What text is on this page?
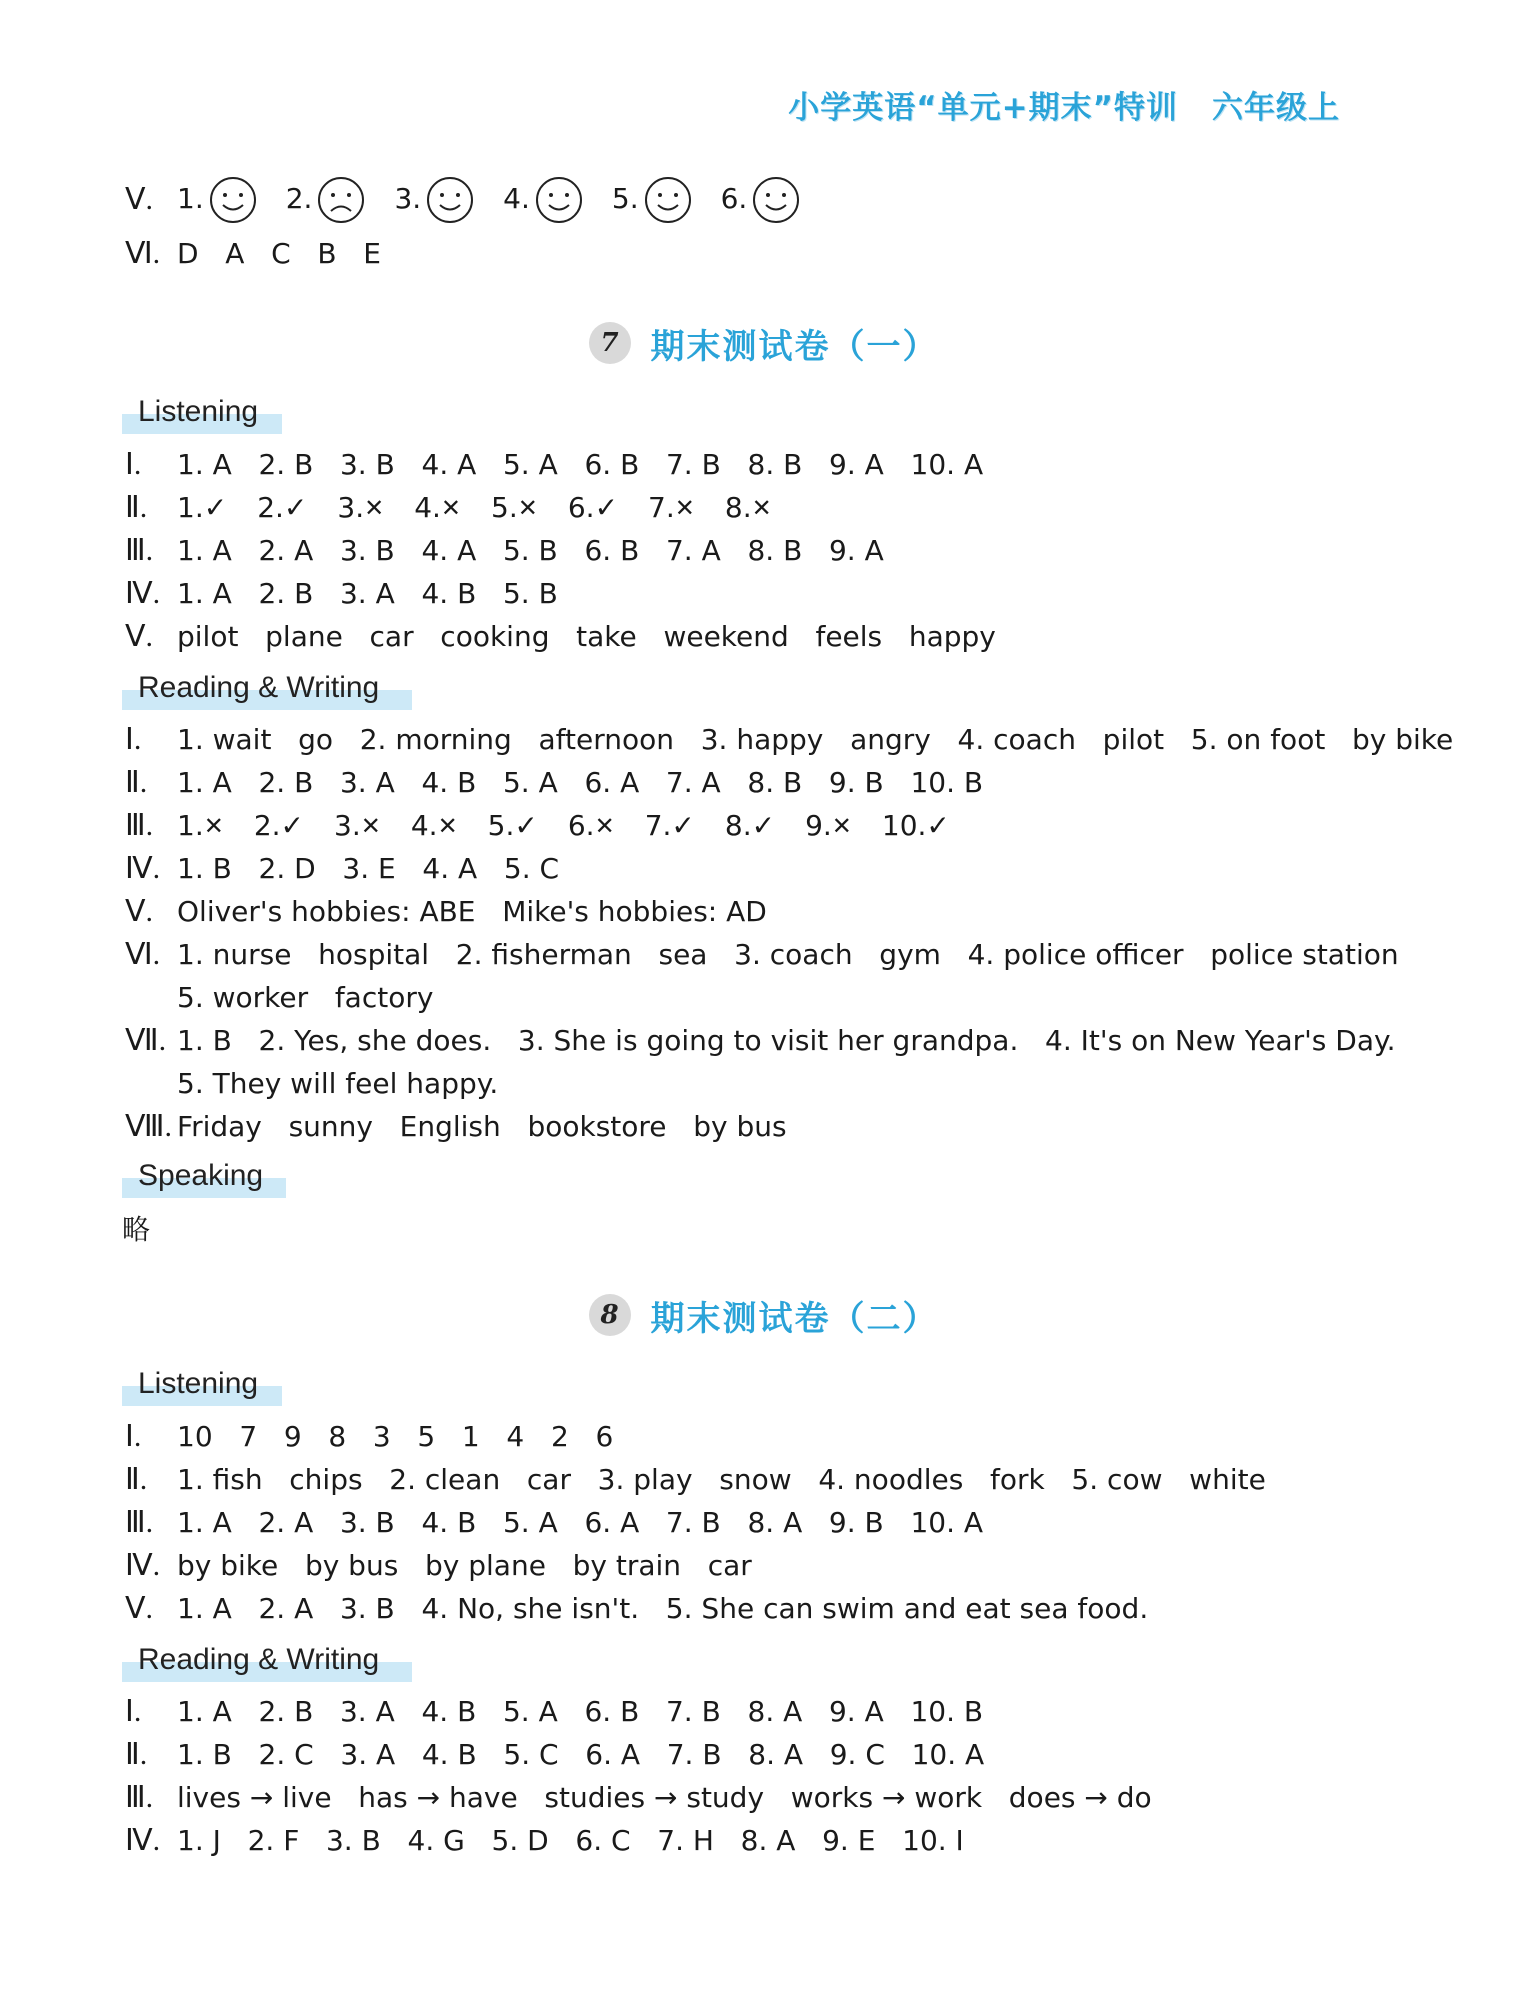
小学英语“单元+期末”特训 六年级上
Ⅴ. 1.	2.	3.	4.	5.	6.
Ⅵ. D   A   C   B   E
7 期末测试卷（一）
Listening
Ⅰ.	1. A   2. B   3. B   4. A   5. A   6. B   7. B   8. B   9. A   10. A
Ⅱ.	1. ✓ 2. ✓ 3. ✕ 4. ✕ 5. ✕ 6. ✓ 7. ✕ 8. ✕
Ⅲ. 1. A   2. A   3. B   4. A   5. B   6. B   7. A   8. B   9. A
Ⅳ. 1. A   2. B   3. A   4. B   5. B
Ⅴ. pilot   plane   car   cooking   take   weekend   feels   happy
Reading & Writing
Ⅰ.	1. wait   go   2. morning   afternoon   3. happy   angry   4. coach   pilot   5. on foot   by bike
Ⅱ.	1. A   2. B   3. A   4. B   5. A   6. A   7. A   8. B   9. B   10. B
Ⅲ. 1. ✕ 2. ✓ 3. ✕ 4. ✕ 5. ✓ 6. ✕ 7. ✓ 8. ✓ 9. ✕ 10. ✓
Ⅳ. 1. B   2. D   3. E   4. A   5. C
Ⅴ. Oliver's hobbies: ABE   Mike's hobbies: AD
Ⅵ. 1. nurse   hospital   2. fisherman   sea   3. coach   gym   4. police officer   police station
5. worker   factory
Ⅶ. 1. B   2. Yes, she does.   3. She is going to visit her grandpa.   4. It's on New Year's Day.
5. They will feel happy.
Ⅷ. Friday   sunny   English   bookstore   by bus
Speaking
略
8 期末测试卷（二）
Listening
Ⅰ.	10   7   9   8   3   5   1   4   2   6
Ⅱ.	1. fish   chips   2. clean   car   3. play   snow   4. noodles   fork   5. cow   white
Ⅲ. 1. A   2. A   3. B   4. B   5. A   6. A   7. B   8. A   9. B   10. A
Ⅳ. by bike   by bus   by plane   by train   car
Ⅴ. 1. A   2. A   3. B   4. No, she isn't.   5. She can swim and eat sea food.
Reading & Writing
Ⅰ.	1. A   2. B   3. A   4. B   5. A   6. B   7. B   8. A   9. A   10. B
Ⅱ.	1. B   2. C   3. A   4. B   5. C   6. A   7. B   8. A   9. C   10. A
Ⅲ. lives → live   has → have   studies → study   works → work   does → do
Ⅳ. 1. J   2. F   3. B   4. G   5. D   6. C   7. H   8. A   9. E   10. I
